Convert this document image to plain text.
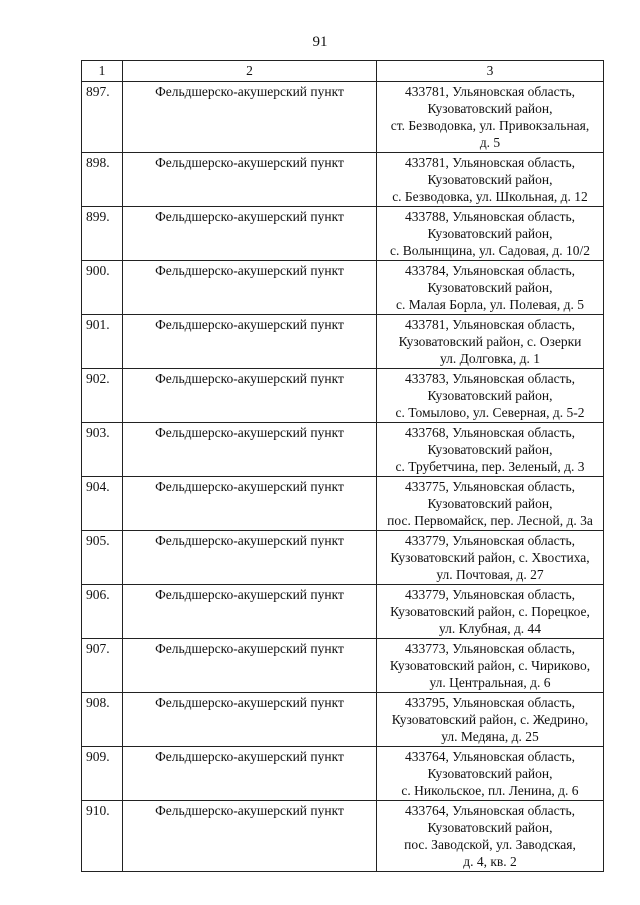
91
1	2	3
897.	Фельдшерско-акушерский пункт	433781, Ульяновская область,
Кузоватовский район,
ст. Безводовка, ул. Привокзальная,
д. 5

898.	Фельдшерско-акушерский пункт	433781, Ульяновская область,
Кузоватовский район,
с. Безводовка, ул. Школьная, д. 12

899.	Фельдшерско-акушерский пункт	433788, Ульяновская область,
Кузоватовский район,
с. Волынщина, ул. Садовая, д. 10/2

900.	Фельдшерско-акушерский пункт	433784, Ульяновская область,
Кузоватовский район,
с. Малая Борла, ул. Полевая, д. 5

901.	Фельдшерско-акушерский пункт	433781, Ульяновская область,
Кузоватовский район, с. Озерки
ул. Долговка, д. 1

902.	Фельдшерско-акушерский пункт	433783, Ульяновская область,
Кузоватовский район,
с. Томылово, ул. Северная, д. 5-2

903.	Фельдшерско-акушерский пункт	433768, Ульяновская область,
Кузоватовский район,
с. Трубетчина, пер. Зеленый, д. 3

904.	Фельдшерско-акушерский пункт	433775, Ульяновская область,
Кузоватовский район,
пос. Первомайск, пер. Лесной, д. 3а

905.	Фельдшерско-акушерский пункт	433779, Ульяновская область,
Кузоватовский район, с. Хвостиха,
ул. Почтовая, д. 27

906.	Фельдшерско-акушерский пункт	433779, Ульяновская область,
Кузоватовский район, с. Порецкое,
ул. Клубная, д. 44

907.	Фельдшерско-акушерский пункт	433773, Ульяновская область,
Кузоватовский район, с. Чириково,
ул. Центральная, д. 6

908.	Фельдшерско-акушерский пункт	433795, Ульяновская область,
Кузоватовский район, с. Жедрино,
ул. Медяна, д. 25

909.	Фельдшерско-акушерский пункт	433764, Ульяновская область,
Кузоватовский район,
с. Никольское, пл. Ленина, д. 6

910.	Фельдшерско-акушерский пункт	433764, Ульяновская область,
Кузоватовский район,
пос. Заводской, ул. Заводская,
д. 4, кв. 2
